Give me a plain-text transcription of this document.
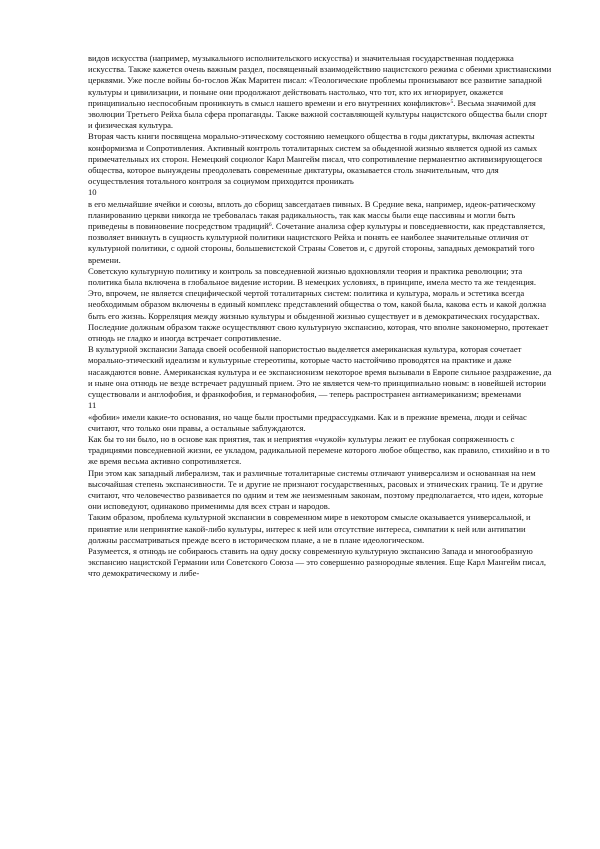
видов искусства (например, музыкального исполнительского искусства) и значительная государственная поддержка искусства. Также кажется очень важным раздел, посвященный взаимодействию нацистского режима с обеими христианскими церквями. Уже после войны бо-гослов Жак Маритен писал: «Теологические проблемы пронизывают все развитие западной культуры и цивилизации, и поныне они продолжают действовать настолько, что тот, кто их игнорирует, окажется принципиально неспособным проникнуть в смысл нашего времени и его внутренних конфликтов»$^5$. Весьма значимой для эволюции Третьего Рейха была сфера пропаганды. Также важной составляющей культуры нацистского общества были спорт и физическая культура.

Вторая часть книги посвящена морально-этическому состоянию немецкого общества в годы диктатуры, включая аспекты конформизма и Сопротивления. Активный контроль тоталитарных систем за обыденной жизнью является одной из самых примечательных их сторон. Немецкий социолог Карл Мангейм писал, что сопротивление перманентно активизирующегося общества, которое вынуждены преодолевать современные диктатуры, оказывается столь значительным, что для осуществления тотального контроля за социумом приходится проникать

10

в его мельчайшие ячейки и союзы, вплоть до сборищ завсегдатаев пивных. В Средние века, например, идеок-ратическому планированию церкви никогда не требовалась такая радикальность, так как массы были еще пассивны и могли быть приведены в повиновение посредством традиций$^6$. Сочетание анализа сфер культуры и повседневности, как представляется, позволяет вникнуть в сущность культурной политики нацистского Рейха и понять ее наиболее значительные отличия от культурной политики, с одной стороны, большевистской Страны Советов и, с другой стороны, западных демократий того времени.

Советскую культурную политику и контроль за повседневной жизнью вдохновляли теория и практика революции; эта политика была включена в глобальное видение истории. В немецких условиях, в принципе, имела место та же тенденция. Это, впрочем, не является специфической чертой тоталитарных систем: политика и культура, мораль и эстетика всегда необходимым образом включены в единый комплекс представлений общества о том, какой была, какова есть и какой должна быть его жизнь. Корреляция между жизнью культуры и обыденной жизнью существует и в демократических государствах. Последние должным образом также осуществляют свою культурную экспансию, которая, что вполне закономерно, протекает отнюдь не гладко и иногда встречает сопротивление.

В культурной экспансии Запада своей особенной напористостью выделяется американская культура, которая сочетает морально-этический идеализм и культурные стереотипы, которые часто настойчиво проводятся на практике и даже насаждаются вовне. Американская культура и ее экспансионизм некоторое время вызывали в Европе сильное раздражение, да и ныне она отнюдь не везде встречает радушный прием. Это не является чем-то принципиально новым: в новейшей истории существовали и англофобия, и франкофобия, и германофобия, — теперь распространен антиамериканизм; временами

11

«фобии» имели какие-то основания, но чаще были простыми предрассудками. Как и в прежние времена, люди и сейчас считают, что только они правы, а остальные заблуждаются.

Как бы то ни было, но в основе как приятия, так и неприятия «чужой» культуры лежит ее глубокая сопряженность с традициями повседневной жизни, ее укладом, радикальной перемене которого любое общество, как правило, стихийно и в то же время весьма активно сопротивляется.

При этом как западный либерализм, так и различные тоталитарные системы отличают универсализм и основанная на нем высочайшая степень экспансивности. Те и другие не признают государственных, расовых и этнических границ. Те и другие считают, что человечество развивается по одним и тем же неизменным законам, поэтому предполагается, что идеи, которые они исповедуют, одинаково применимы для всех стран и народов.

Таким образом, проблема культурной экспансии в современном мире в некотором смысле оказывается универсальной, и принятие или непринятие какой-либо культуры, интерес к ней или отсутствие интереса, симпатии к ней или антипатии должны рассматриваться прежде всего в историческом плане, а не в плане идеологическом.

Разумеется, я отнюдь не собираюсь ставить на одну доску современную культурную экспансию Запада и многообразную экспансию нацистской Германии или Советского Союза — это совершенно разнородные явления. Еще Карл Мангейм писал, что демократическому и либе-
